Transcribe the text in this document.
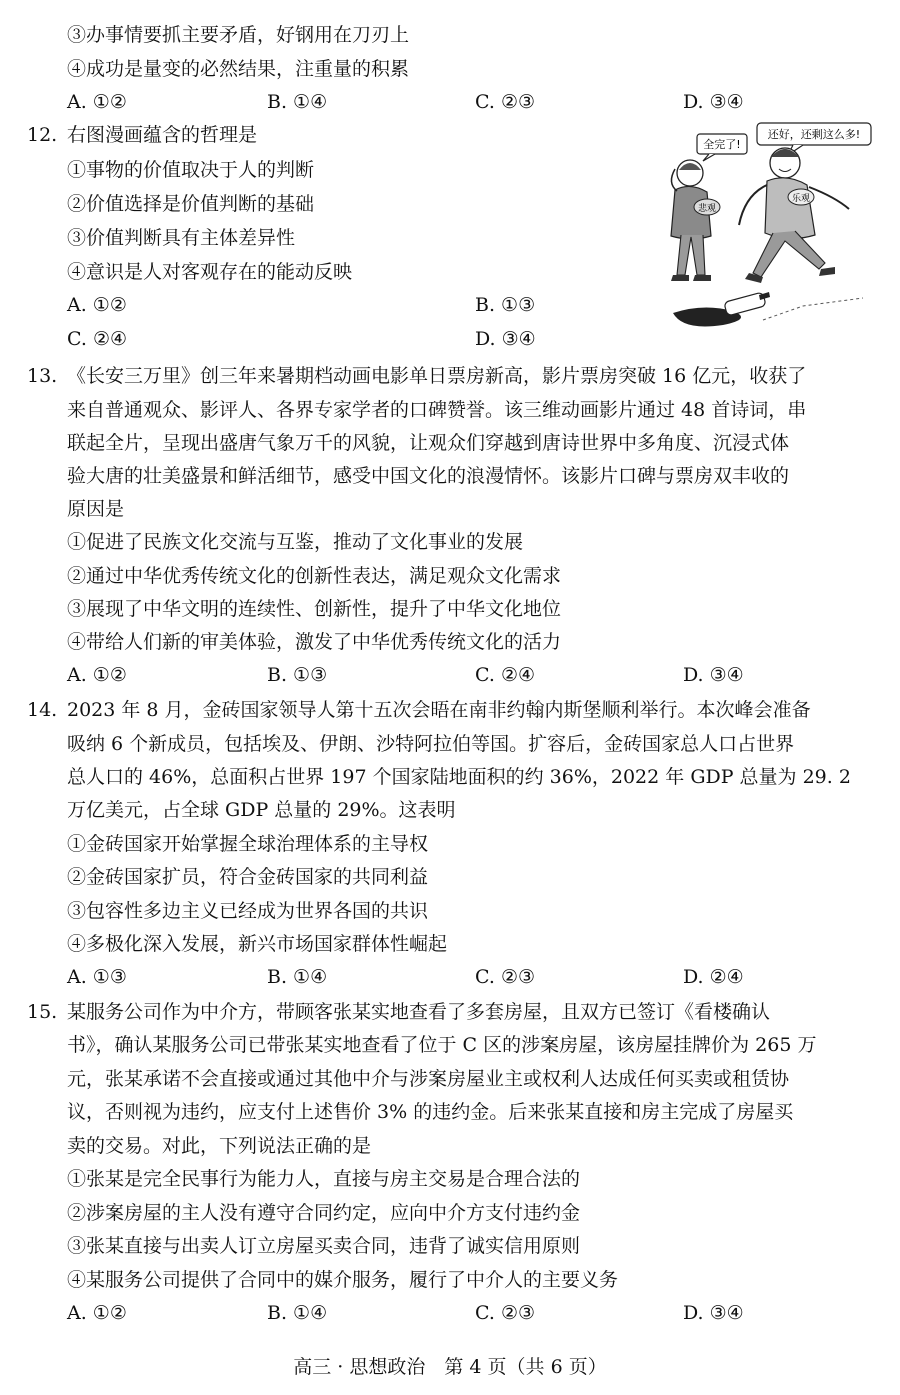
③办事情要抓主要矛盾，好钢用在刀刃上
④成功是量变的必然结果，注重量的积累
A. ①②	B. ①④	C. ②③	D. ③④
12. 右图漫画蕴含的哲理是
①事物的价值取决于人的判断
②价值选择是价值判断的基础
③价值判断具有主体差异性
④意识是人对客观存在的能动反映
A. ①②	B. ①③
C. ②④	D. ③④
全完了!
还好，还剩这么多!
悲观
乐观
13. 《长安三万里》创三年来暑期档动画电影单日票房新高，影片票房突破 16 亿元，收获了
来自普通观众、影评人、各界专家学者的口碑赞誉。该三维动画影片通过 48 首诗词，串
联起全片，呈现出盛唐气象万千的风貌，让观众们穿越到唐诗世界中多角度、沉浸式体
验大唐的壮美盛景和鲜活细节，感受中国文化的浪漫情怀。该影片口碑与票房双丰收的
原因是
①促进了民族文化交流与互鉴，推动了文化事业的发展
②通过中华优秀传统文化的创新性表达，满足观众文化需求
③展现了中华文明的连续性、创新性，提升了中华文化地位
④带给人们新的审美体验，激发了中华优秀传统文化的活力
A. ①②	B. ①③	C. ②④	D. ③④
14. 2023 年 8 月，金砖国家领导人第十五次会晤在南非约翰内斯堡顺利举行。本次峰会准备
吸纳 6 个新成员，包括埃及、伊朗、沙特阿拉伯等国。扩容后，金砖国家总人口占世界
总人口的 46%，总面积占世界 197 个国家陆地面积的约 36%，2022 年 GDP 总量为 29. 2
万亿美元，占全球 GDP 总量的 29%。这表明
①金砖国家开始掌握全球治理体系的主导权
②金砖国家扩员，符合金砖国家的共同利益
③包容性多边主义已经成为世界各国的共识
④多极化深入发展，新兴市场国家群体性崛起
A. ①③	B. ①④	C. ②③	D. ②④
15. 某服务公司作为中介方，带顾客张某实地查看了多套房屋，且双方已签订《看楼确认
书》，确认某服务公司已带张某实地查看了位于 C 区的涉案房屋，该房屋挂牌价为 265 万
元，张某承诺不会直接或通过其他中介与涉案房屋业主或权利人达成任何买卖或租赁协
议，否则视为违约，应支付上述售价 3% 的违约金。后来张某直接和房主完成了房屋买
卖的交易。对此，下列说法正确的是
①张某是完全民事行为能力人，直接与房主交易是合理合法的
②涉案房屋的主人没有遵守合同约定，应向中介方支付违约金
③张某直接与出卖人订立房屋买卖合同，违背了诚实信用原则
④某服务公司提供了合同中的媒介服务，履行了中介人的主要义务
A. ①②	B. ①④	C. ②③	D. ③④
高三 · 思想政治　第 4 页（共 6 页）
